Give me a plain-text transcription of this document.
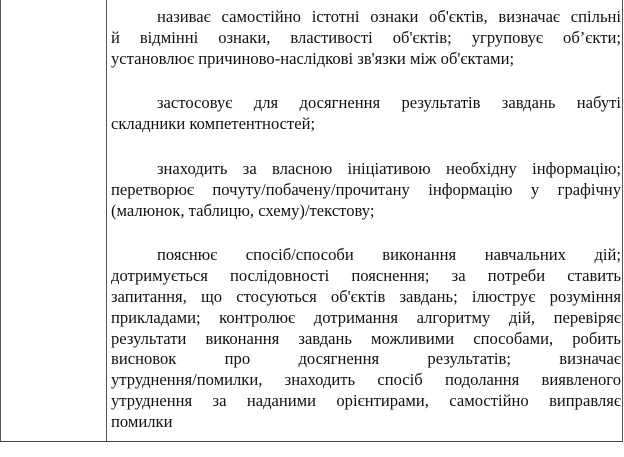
називає самостійно істотні ознаки об'єктів, визначає спільні
й відмінні ознаки, властивості об'єктів; угруповує об’єкти;
установлює причиново-наслідкові зв'язки між об'єктами;
застосовує для досягнення результатів завдань набуті
складники компетентностей;
знаходить за власною ініціативою необхідну інформацію;
перетворює почуту/побачену/прочитану інформацію у графічну
(малюнок, таблицю, схему)/текстову;
пояснює спосіб/способи виконання навчальних дій;
дотримується послідовності пояснення; за потреби ставить
запитання, що стосуються об'єктів завдань; ілюструє розуміння
прикладами; контролює дотримання алгоритму дій, перевіряє
результати виконання завдань можливими способами, робить
висновок про досягнення результатів; визначає
утруднення/помилки, знаходить спосіб подолання виявленого
утруднення за наданими орієнтирами, самостійно виправляє
помилки
